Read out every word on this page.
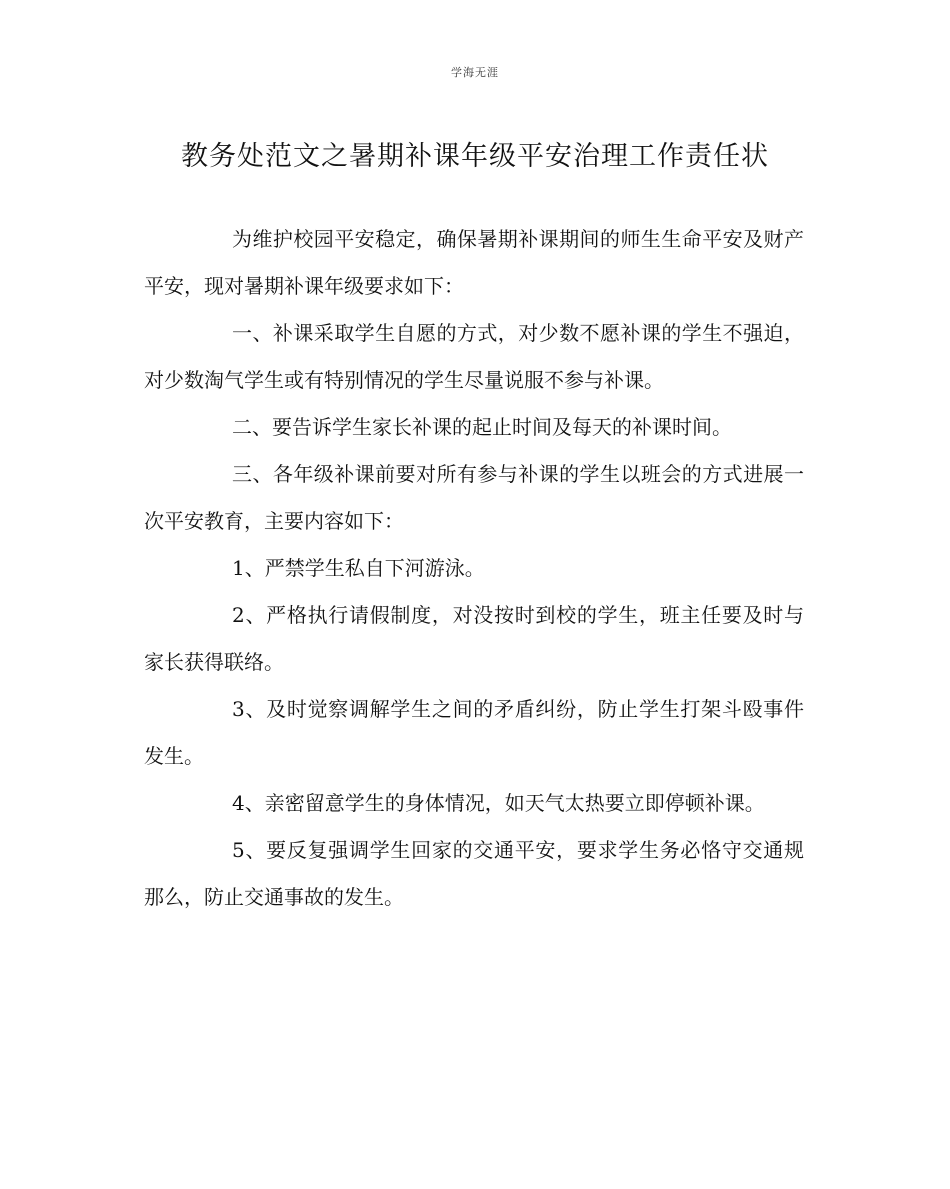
学海无涯
教务处范文之暑期补课年级平安治理工作责任状

为维护校园平安稳定，确保暑期补课期间的师生生命平安及财产平安，现对暑期补课年级要求如下：

一、补课采取学生自愿的方式，对少数不愿补课的学生不强迫，对少数淘气学生或有特别情况的学生尽量说服不参与补课。

二、要告诉学生家长补课的起止时间及每天的补课时间。

三、各年级补课前要对所有参与补课的学生以班会的方式进展一次平安教育，主要内容如下：

1、严禁学生私自下河游泳。

2、严格执行请假制度，对没按时到校的学生，班主任要及时与家长获得联络。

3、及时觉察调解学生之间的矛盾纠纷，防止学生打架斗殴事件发生。

4、亲密留意学生的身体情况，如天气太热要立即停顿补课。

5、要反复强调学生回家的交通平安，要求学生务必恪守交通规那么，防止交通事故的发生。
